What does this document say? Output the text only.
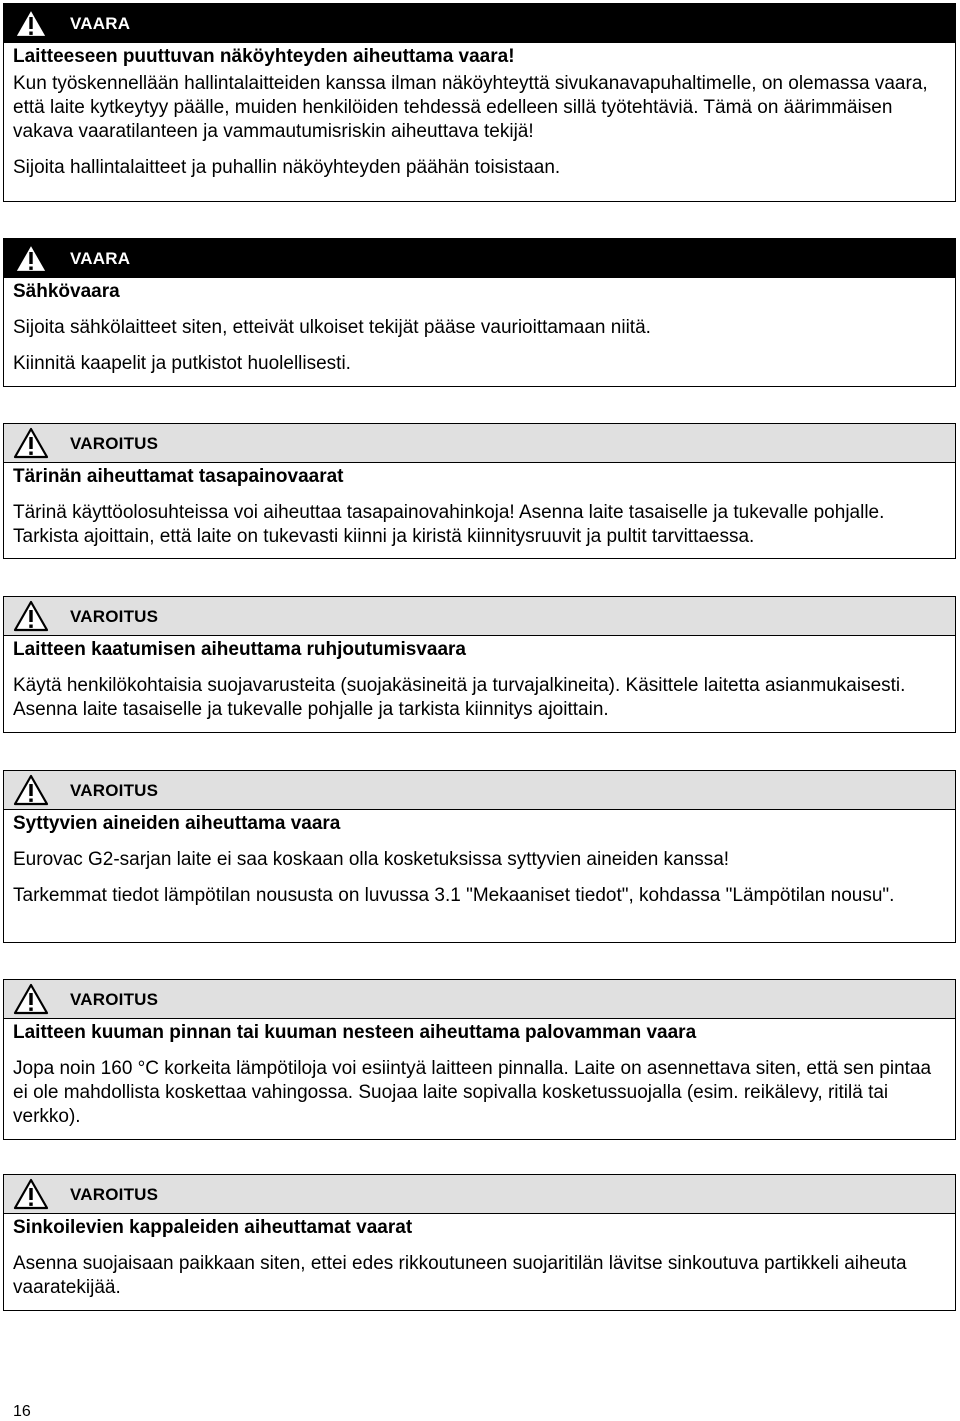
VAARA
Laitteeseen puuttuvan näköyhteyden aiheuttama vaara!
Kun työskennellään hallintalaitteiden kanssa ilman näköyhteyttä sivukanavapuhaltimelle, on olemassa vaara, että laite kytkeytyy päälle, muiden henkilöiden tehdessä edelleen sillä työtehtäviä. Tämä on äärimmäisen vakava vaaratilanteen ja vammautumisriskin aiheuttava tekijä!
Sijoita hallintalaitteet ja puhallin näköyhteyden päähän toisistaan.
VAARA
Sähkövaara
Sijoita sähkölaitteet siten, etteivät ulkoiset tekijät pääse vaurioittamaan niitä.
Kiinnitä kaapelit ja putkistot huolellisesti.
VAROITUS
Tärinän aiheuttamat tasapainovaarat
Tärinä käyttöolosuhteissa voi aiheuttaa tasapainovahinkoja! Asenna laite tasaiselle ja tukevalle pohjalle. Tarkista ajoittain, että laite on tukevasti kiinni ja kiristä kiinnitysruuvit ja pultit tarvittaessa.
VAROITUS
Laitteen kaatumisen aiheuttama ruhjoutumisvaara
Käytä henkilökohtaisia suojavarusteita (suojakäsineitä ja turvajalkineita). Käsittele laitetta asianmukaisesti. Asenna laite tasaiselle ja tukevalle pohjalle ja tarkista kiinnitys ajoittain.
VAROITUS
Syttyvien aineiden aiheuttama vaara
Eurovac G2-sarjan laite ei saa koskaan olla kosketuksissa syttyvien aineiden kanssa!
Tarkemmat tiedot lämpötilan noususta on luvussa 3.1 "Mekaaniset tiedot", kohdassa "Lämpötilan nousu".
VAROITUS
Laitteen kuuman pinnan tai kuuman nesteen aiheuttama palovamman vaara
Jopa noin 160 °C korkeita lämpötiloja voi esiintyä laitteen pinnalla. Laite on asennettava siten, että sen pintaa ei ole mahdollista koskettaa vahingossa. Suojaa laite sopivalla kosketussuojalla (esim. reikälevy, ritilä tai verkko).
VAROITUS
Sinkoilevien kappaleiden aiheuttamat vaarat
Asenna suojaisaan paikkaan siten, ettei edes rikkoutuneen suojaritilän lävitse sinkoutuva partikkeli aiheuta vaaratekijää.
16
